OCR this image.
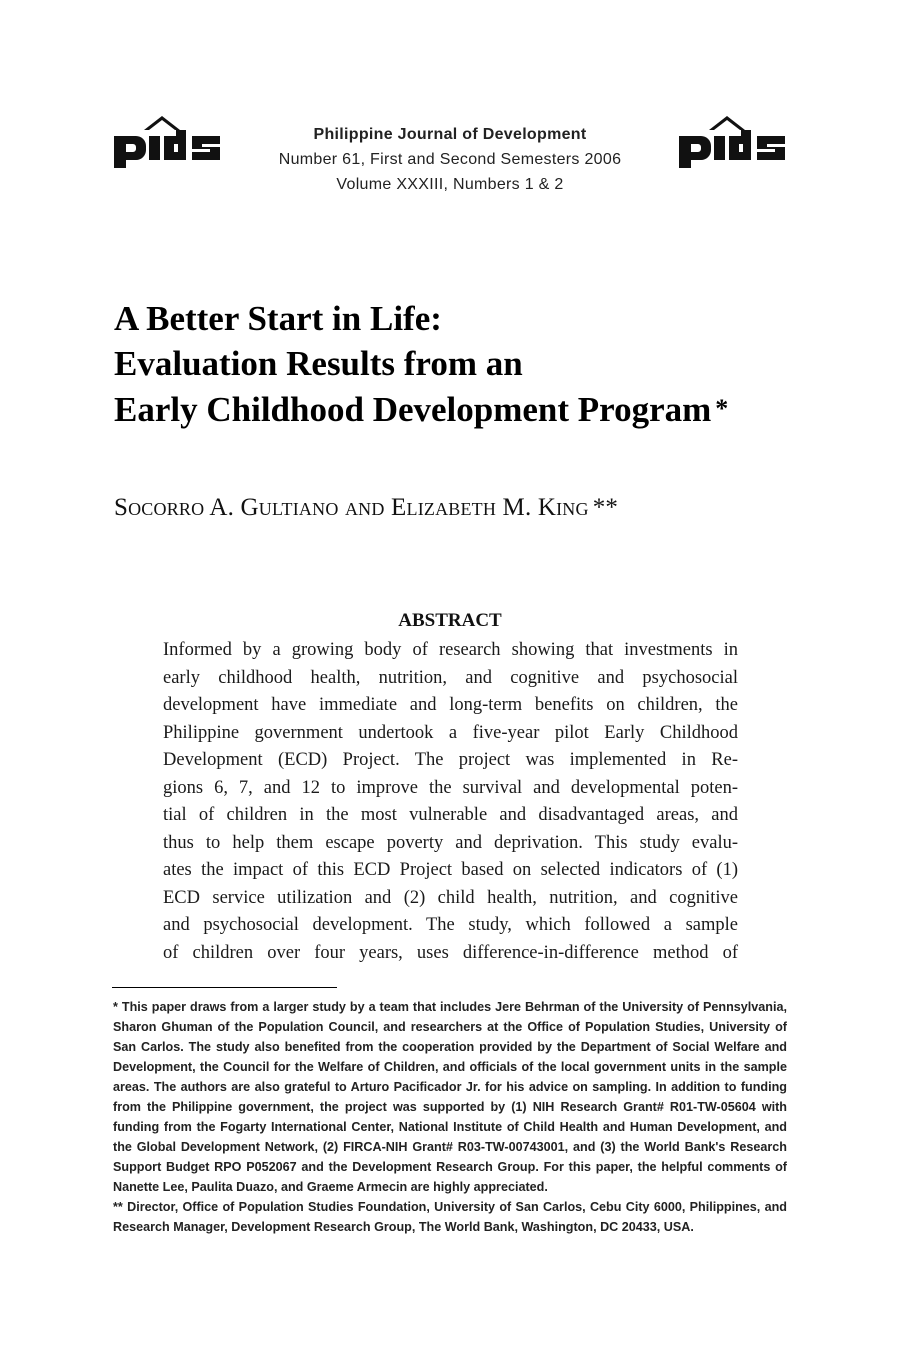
Philippine Journal of Development
Number 61, First and Second Semesters 2006
Volume XXXIII, Numbers 1 & 2
A Better Start in Life:
Evaluation Results from an
Early Childhood Development Program *
Socorro A. Gultiano and Elizabeth M. King **
ABSTRACT
Informed by a growing body of research showing that investments in
early childhood health, nutrition, and cognitive and psychosocial
development have immediate and long-term benefits on children, the
Philippine government undertook a five-year pilot Early Childhood
Development (ECD) Project. The project was implemented in Re-
gions 6, 7, and 12 to improve the survival and developmental poten-
tial of children in the most vulnerable and disadvantaged areas, and
thus to help them escape poverty and deprivation. This study evalu-
ates the impact of this ECD Project based on selected indicators of (1)
ECD service utilization and (2) child health, nutrition, and cognitive
and psychosocial development. The study, which followed a sample
of children over four years, uses difference-in-difference method of

* This paper draws from a larger study by a team that includes Jere Behrman of the University of Pennsylvania, Sharon Ghuman of the Population Council, and researchers at the Office of Population Studies, University of San Carlos. The study also benefited from the cooperation provided by the Department of Social Welfare and Development, the Council for the Welfare of Children, and officials of the local government units in the sample areas. The authors are also grateful to Arturo Pacificador Jr. for his advice on sampling. In addition to funding from the Philippine government, the project was supported by (1) NIH Research Grant# R01-TW-05604 with funding from the Fogarty International Center, National Institute of Child Health and Human Development, and the Global Development Network, (2) FIRCA-NIH Grant# R03-TW-00743001, and (3) the World Bank's Research Support Budget RPO P052067 and the Development Research Group. For this paper, the helpful comments of Nanette Lee, Paulita Duazo, and Graeme Armecin are highly appreciated.

** Director, Office of Population Studies Foundation, University of San Carlos, Cebu City 6000, Philippines, and Research Manager, Development Research Group, The World Bank, Washington, DC 20433, USA.
